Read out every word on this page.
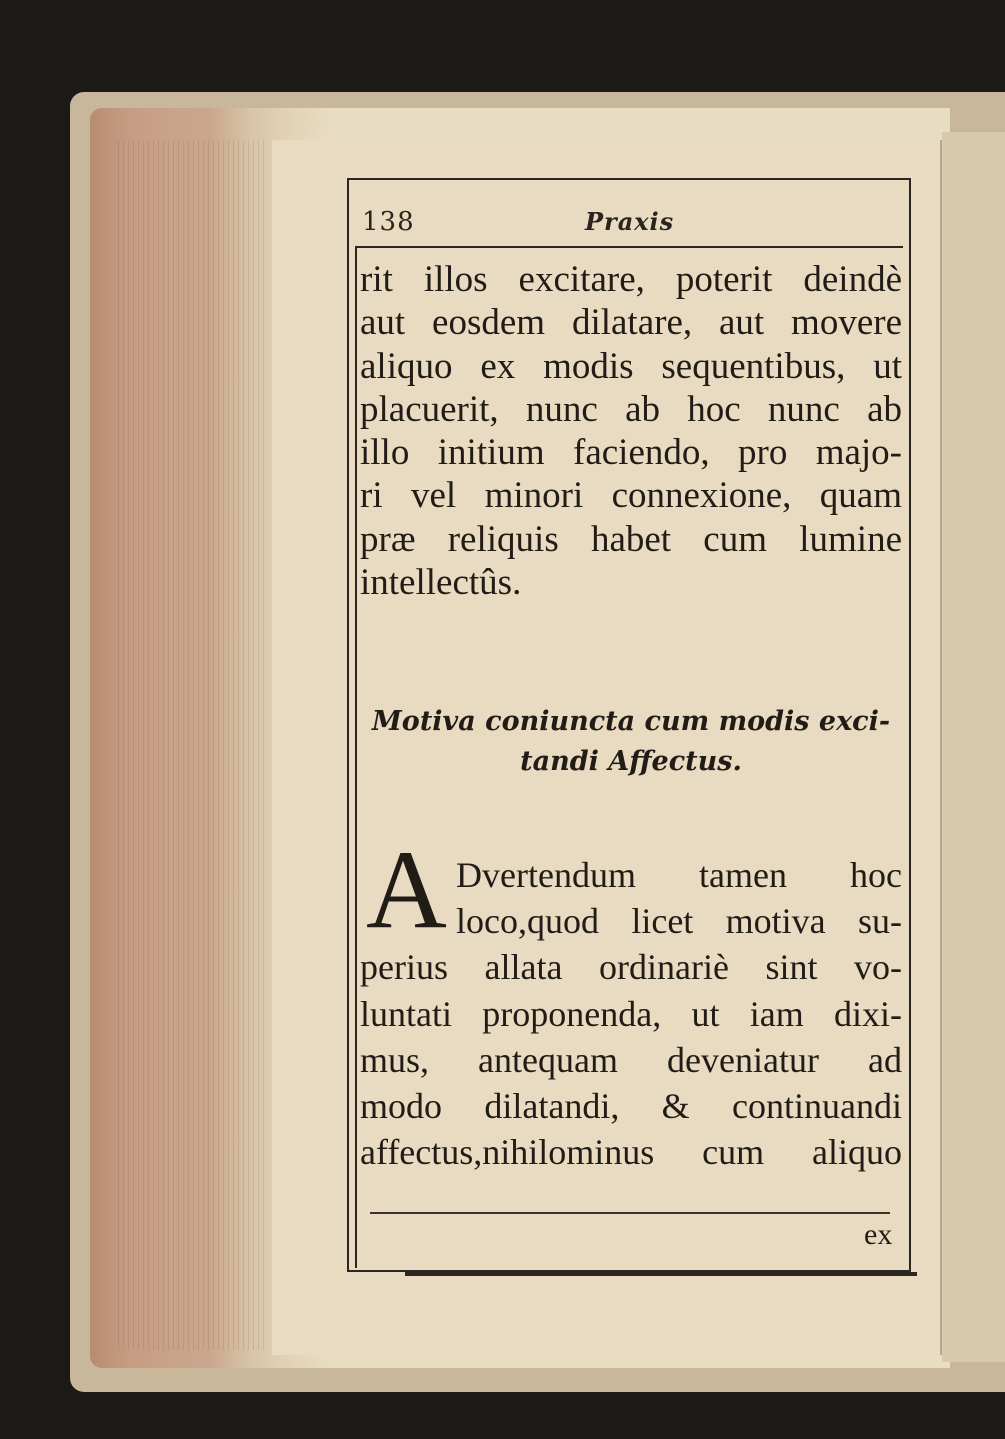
138	Praxis
rit illos excitare, poterit deindè
aut eosdem dilatare, aut movere
aliquo ex modis sequentibus, ut
placuerit, nunc ab hoc nunc ab
illo initium faciendo, pro majo-
ri vel minori connexione, quam
præ reliquis habet cum lumine
intellectûs.
Motiva coniuncta cum modis exci-
tandi Affectus.
A Dvertendum tamen hoc
loco,quod licet motiva su-
perius allata ordinariè sint vo-
luntati proponenda, ut iam dixi-
mus, antequam deveniatur ad
modo dilatandi, & continuandi
affectus,nihilominus cum aliquo
ex
